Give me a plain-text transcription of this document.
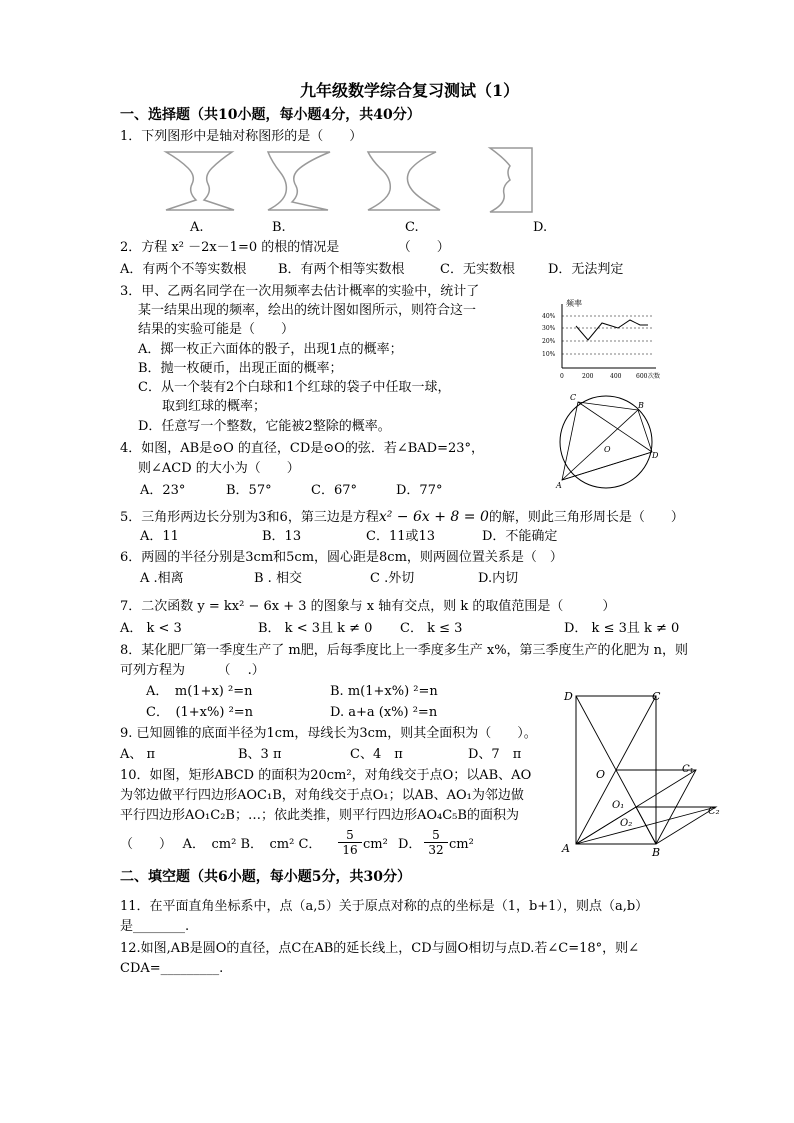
九年级数学综合复习测试（1）
一、选择题（共10小题，每小题4分，共40分）
1．下列图形中是轴对称图形的是（　　）
A.	B.	C.	D.
2．方程 x² －2x－1=0 的根的情况是　　　　　（　　）
A．有两个不等实数根 B．有两个相等实数根	C．无实数根	D．无法判定
3．甲、乙两名同学在一次用频率去估计概率的实验中，统计了
某一结果出现的频率，绘出的统计图如图所示，则符合这一
结果的实验可能是（　　）
A．掷一枚正六面体的骰子，出现1点的概率；
B．抛一枚硬币，出现正面的概率；
C．从一个装有2个白球和1个红球的袋子中任取一球，
取到红球的概率；
D．任意写一个整数，它能被2整除的概率。
频率
40%
30%
20%
10%
0	200	400 600 次数
C
B
O
D
A
4．如图，AB是⊙O 的直径，CD是⊙O的弦．若∠BAD=23°，
则∠ACD 的大小为（　　）
A．23°	B．57°	C．67°	D．77°
5．三角形两边长分别为3和6，第三边是方程x² − 6x + 8 = 0的解，则此三角形周长是（　　）
A．11	B．13	C．11或13	D．不能确定
6．两圆的半径分别是3cm和5cm，圆心距是8cm，则两圆位置关系是（　）
A .相离	B . 相交	C .外切	D.内切
7．二次函数 y = kx² − 6x + 3 的图象与 x 轴有交点，则 k 的取值范围是（　　　）
A． k < 3	B． k < 3且 k ≠ 0 C． k ≤ 3	D． k ≤ 3且 k ≠ 0
8．某化肥厂第一季度生产了 m肥，后每季度比上一季度多生产 x%，第三季度生产的化肥为 n，则
可列方程为　　　（　 .）
A．　m(1+x) ²=n	B. m(1+x%) ²=n
C．　(1+x%) ²=n	D. a+a (x%) ²=n
9. 已知圆锥的底面半径为1cm，母线长为3cm，则其全面积为（　　）。
A、 π	B、3 π	C、4　π	D、7　π
D	C
O	C₁
O₁
O₂
C₂
A	B
10．如图，矩形ABCD 的面积为20cm²，对角线交于点O；以AB、AO
为邻边做平行四边形AOC₁B，对角线交于点O₁；以AB、AO₁为邻边做
平行四边形AO₁C₂B；…；依此类推，则平行四边形AO₄C₅B的面积为
（　　）　 A．　cm² B．　cm² C． $\frac{5}{16} cm^2$ D． $\frac{5}{32} cm^2$
二、填空题（共6小题，每小题5分，共30分）
11．在平面直角坐标系中，点（a,5）关于原点对称的点的坐标是（1，b+1），则点（a,b）
是________.
12.如图,AB是圆O的直径，点C在AB的延长线上，CD与圆O相切与点D.若∠C=18°，则∠
CDA=_________.
